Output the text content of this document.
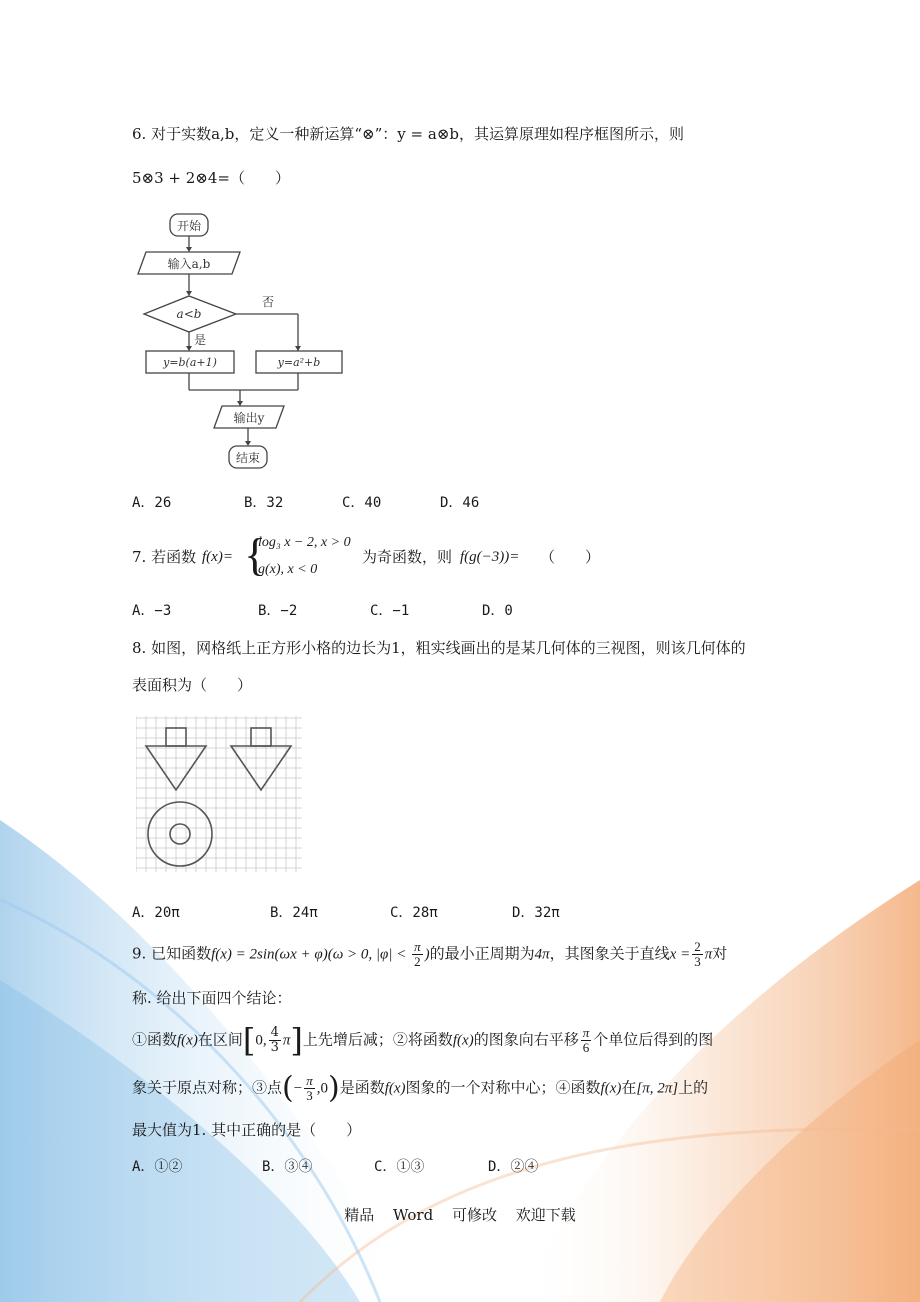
6. 对于实数a,b，定义一种新运算“⊗”：y = a⊗b，其运算原理如程序框图所示，则
5⊗3 + 2⊗4=（　　）
开始
输入a,b
a<b
否
是
y=b(a+1)	y=a²+b
输出y
结束
A．26	B．32	C．40	D．46
7. 若函数 f(x)= {
log₃ x − 2, x > 0
g(x), x < 0
为奇函数，则 f(g(−3))= （　　）
A．−3	B．−2	C．−1	D．0
8. 如图，网格纸上正方形小格的边长为1，粗实线画出的是某几何体的三视图，则该几何体的
表面积为（　　）
A．20π	B．24π	C．28π	D．32π
9. 已知函数f(x) = 2sin(ωx + φ)(ω > 0, $|\varphi| < \frac{\pi}{2}$ )的最小正周期为4π，其图象关于直线$x = \frac{2}{3}$ π对
称. 给出下面四个结论：
①函数f(x)在区间[0, $\frac{4}{3} \pi$]上先增后减；②将函数f(x)的图象向右平移 $\frac{\pi}{6}$ 个单位后得到的图
象关于原点对称；③点(− $\frac{\pi}{3} ,0$)是函数f(x)图象的一个对称中心；④函数f(x)在[π, 2π]上的
最大值为1. 其中正确的是（　　）
A．①②	B．③④	C．①③	D．②④
精品 Word 可修改 欢迎下载
